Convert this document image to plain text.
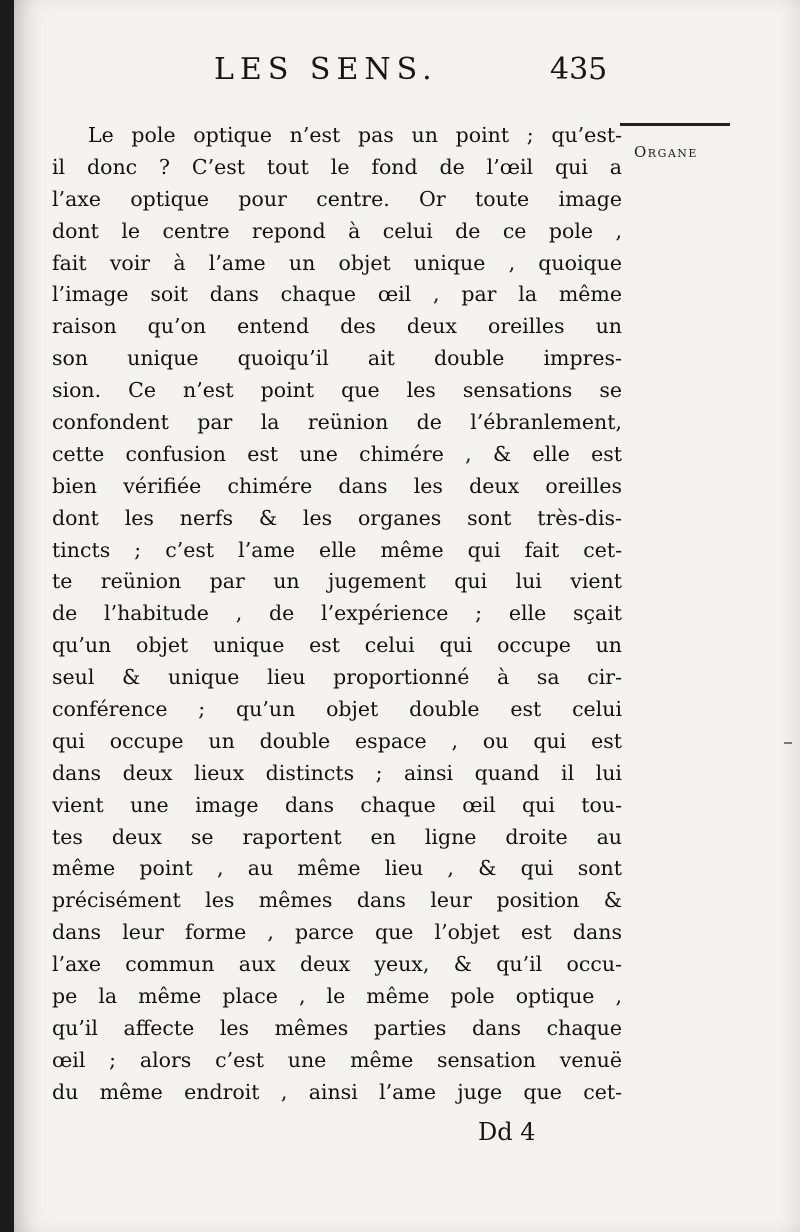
LES SENS.	435
Organe
Le pole optique n’est pas un point ; qu’est-
il donc ? C’est tout le fond de l’œil qui a
l’axe optique pour centre. Or toute image
dont le centre repond à celui de ce pole ,
fait voir à l’ame un objet unique , quoique
l’image soit dans chaque œil , par la même
raison qu’on entend des deux oreilles un
son unique quoiqu’il ait double impres-
sion. Ce n’est point que les sensations se
confondent par la reünion de l’ébranlement,
cette confusion est une chimére , & elle est
bien vérifiée chimére dans les deux oreilles
dont les nerfs & les organes sont très-dis-
tincts ; c’est l’ame elle même qui fait cet-
te reünion par un jugement qui lui vient
de l’habitude , de l’expérience ; elle sçait
qu’un objet unique est celui qui occupe un
seul & unique lieu proportionné à sa cir-
conférence ; qu’un objet double est celui
qui occupe un double espace , ou qui est
dans deux lieux distincts ; ainsi quand il lui
vient une image dans chaque œil qui tou-
tes deux se raportent en ligne droite au
même point , au même lieu , & qui sont
précisément les mêmes dans leur position &
dans leur forme , parce que l’objet est dans
l’axe commun aux deux yeux, & qu’il occu-
pe la même place , le même pole optique ,
qu’il affecte les mêmes parties dans chaque
œil ; alors c’est une même sensation venuë
du même endroit , ainsi l’ame juge que cet-
Dd 4
